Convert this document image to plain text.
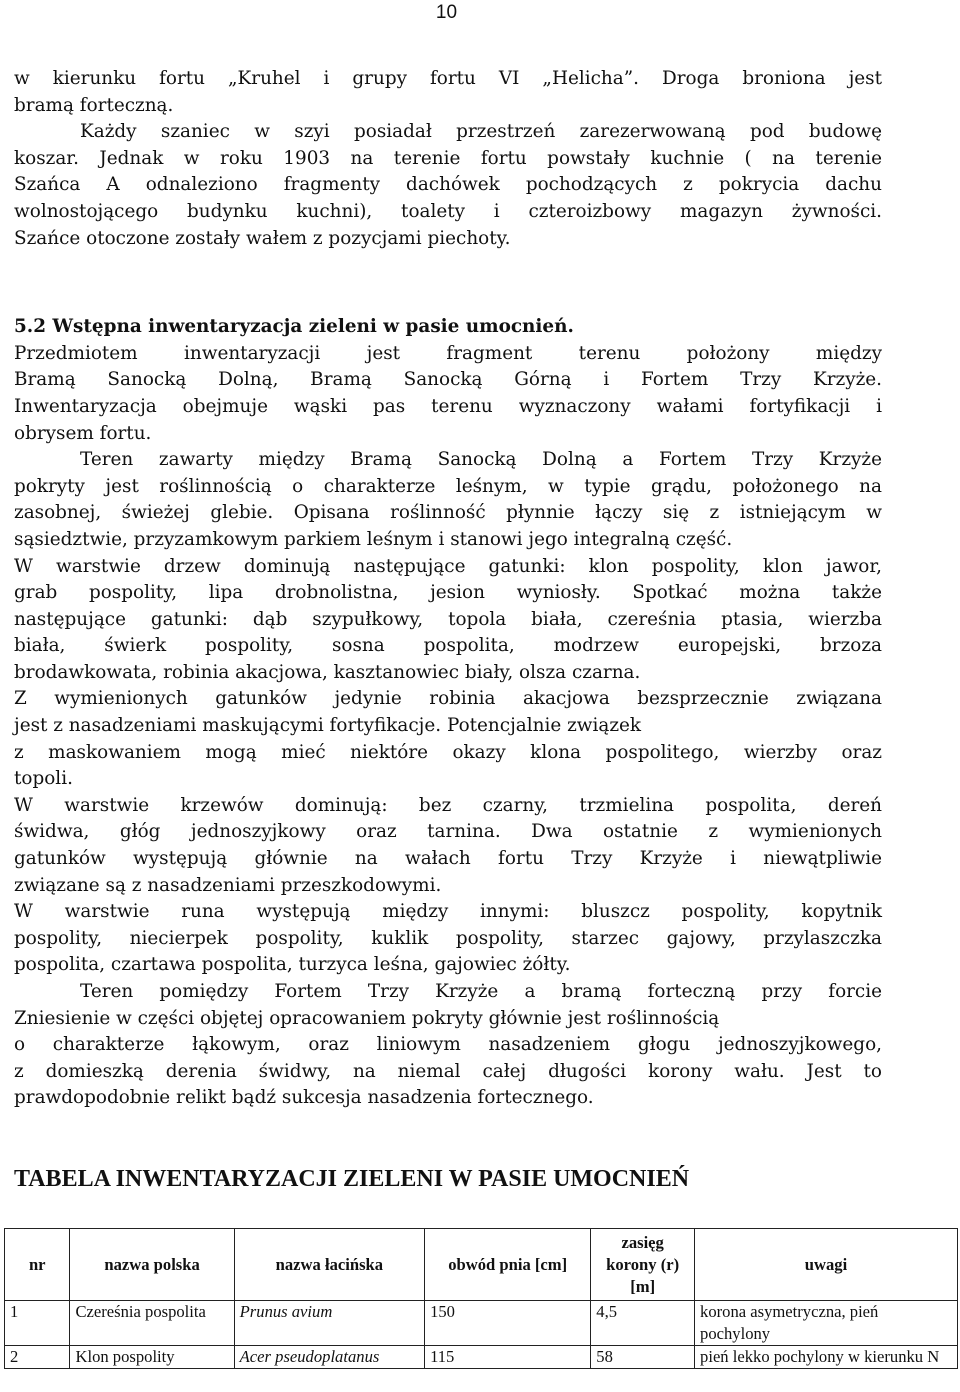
10
w kierunku fortu „Kruhel i grupy fortu VI „Helicha”. Droga broniona jest
bramą forteczną.
Każdy szaniec w szyi posiadał przestrzeń zarezerwowaną pod budowę
koszar. Jednak w roku 1903 na terenie fortu powstały kuchnie ( na terenie
Szańca A odnaleziono fragmenty dachówek pochodzących z pokrycia dachu
wolnostojącego budynku kuchni), toalety i czteroizbowy magazyn żywności.
Szańce otoczone zostały wałem z pozycjami piechoty.
5.2 Wstępna inwentaryzacja zieleni w pasie umocnień.
Przedmiotem inwentaryzacji jest fragment terenu położony między
Bramą Sanocką Dolną, Bramą Sanocką Górną i Fortem Trzy Krzyże.
Inwentaryzacja obejmuje wąski pas terenu wyznaczony wałami fortyfikacji i
obrysem fortu.
Teren zawarty między Bramą Sanocką Dolną a Fortem Trzy Krzyże
pokryty jest roślinnością o charakterze leśnym, w typie grądu, położonego na
zasobnej, świeżej glebie. Opisana roślinność płynnie łączy się z istniejącym w
sąsiedztwie, przyzamkowym parkiem leśnym i stanowi jego integralną część.
W warstwie drzew dominują następujące gatunki: klon pospolity, klon jawor,
grab pospolity, lipa drobnolistna, jesion wyniosły. Spotkać można także
następujące gatunki: dąb szypułkowy, topola biała, czereśnia ptasia, wierzba
biała, świerk pospolity, sosna pospolita, modrzew europejski, brzoza
brodawkowata, robinia akacjowa, kasztanowiec biały, olsza czarna.
Z wymienionych gatunków jedynie robinia akacjowa bezsprzecznie związana
jest z nasadzeniami maskującymi fortyfikacje. Potencjalnie związek
z maskowaniem mogą mieć niektóre okazy klona pospolitego, wierzby oraz
topoli.
W warstwie krzewów dominują: bez czarny, trzmielina pospolita, dereń
świdwa, głóg jednoszyjkowy oraz tarnina. Dwa ostatnie z wymienionych
gatunków występują głównie na wałach fortu Trzy Krzyże i niewątpliwie
związane są z nasadzeniami przeszkodowymi.
W warstwie runa występują między innymi: bluszcz pospolity, kopytnik
pospolity, niecierpek pospolity, kuklik pospolity, starzec gajowy, przylaszczka
pospolita, czartawa pospolita, turzyca leśna, gajowiec żółty.
Teren pomiędzy Fortem Trzy Krzyże a bramą forteczną przy forcie
Zniesienie w części objętej opracowaniem pokryty głównie jest roślinnością
o charakterze łąkowym, oraz liniowym nasadzeniem głogu jednoszyjkowego,
z domieszką derenia świdwy, na niemal całej długości korony wału. Jest to
prawdopodobnie relikt bądź sukcesja nasadzenia fortecznego.
TABELA INWENTARYZACJI ZIELENI W PASIE UMOCNIEŃ
nr	nazwa polska	nazwa łacińska	obwód pnia [cm]	zasięg korony (r) [m]	uwagi
1	Czereśnia pospolita	Prunus avium	150	4,5	korona asymetryczna, pień pochylony
2	Klon pospolity	Acer pseudoplatanus	115	58	pień lekko pochylony w kierunku N
